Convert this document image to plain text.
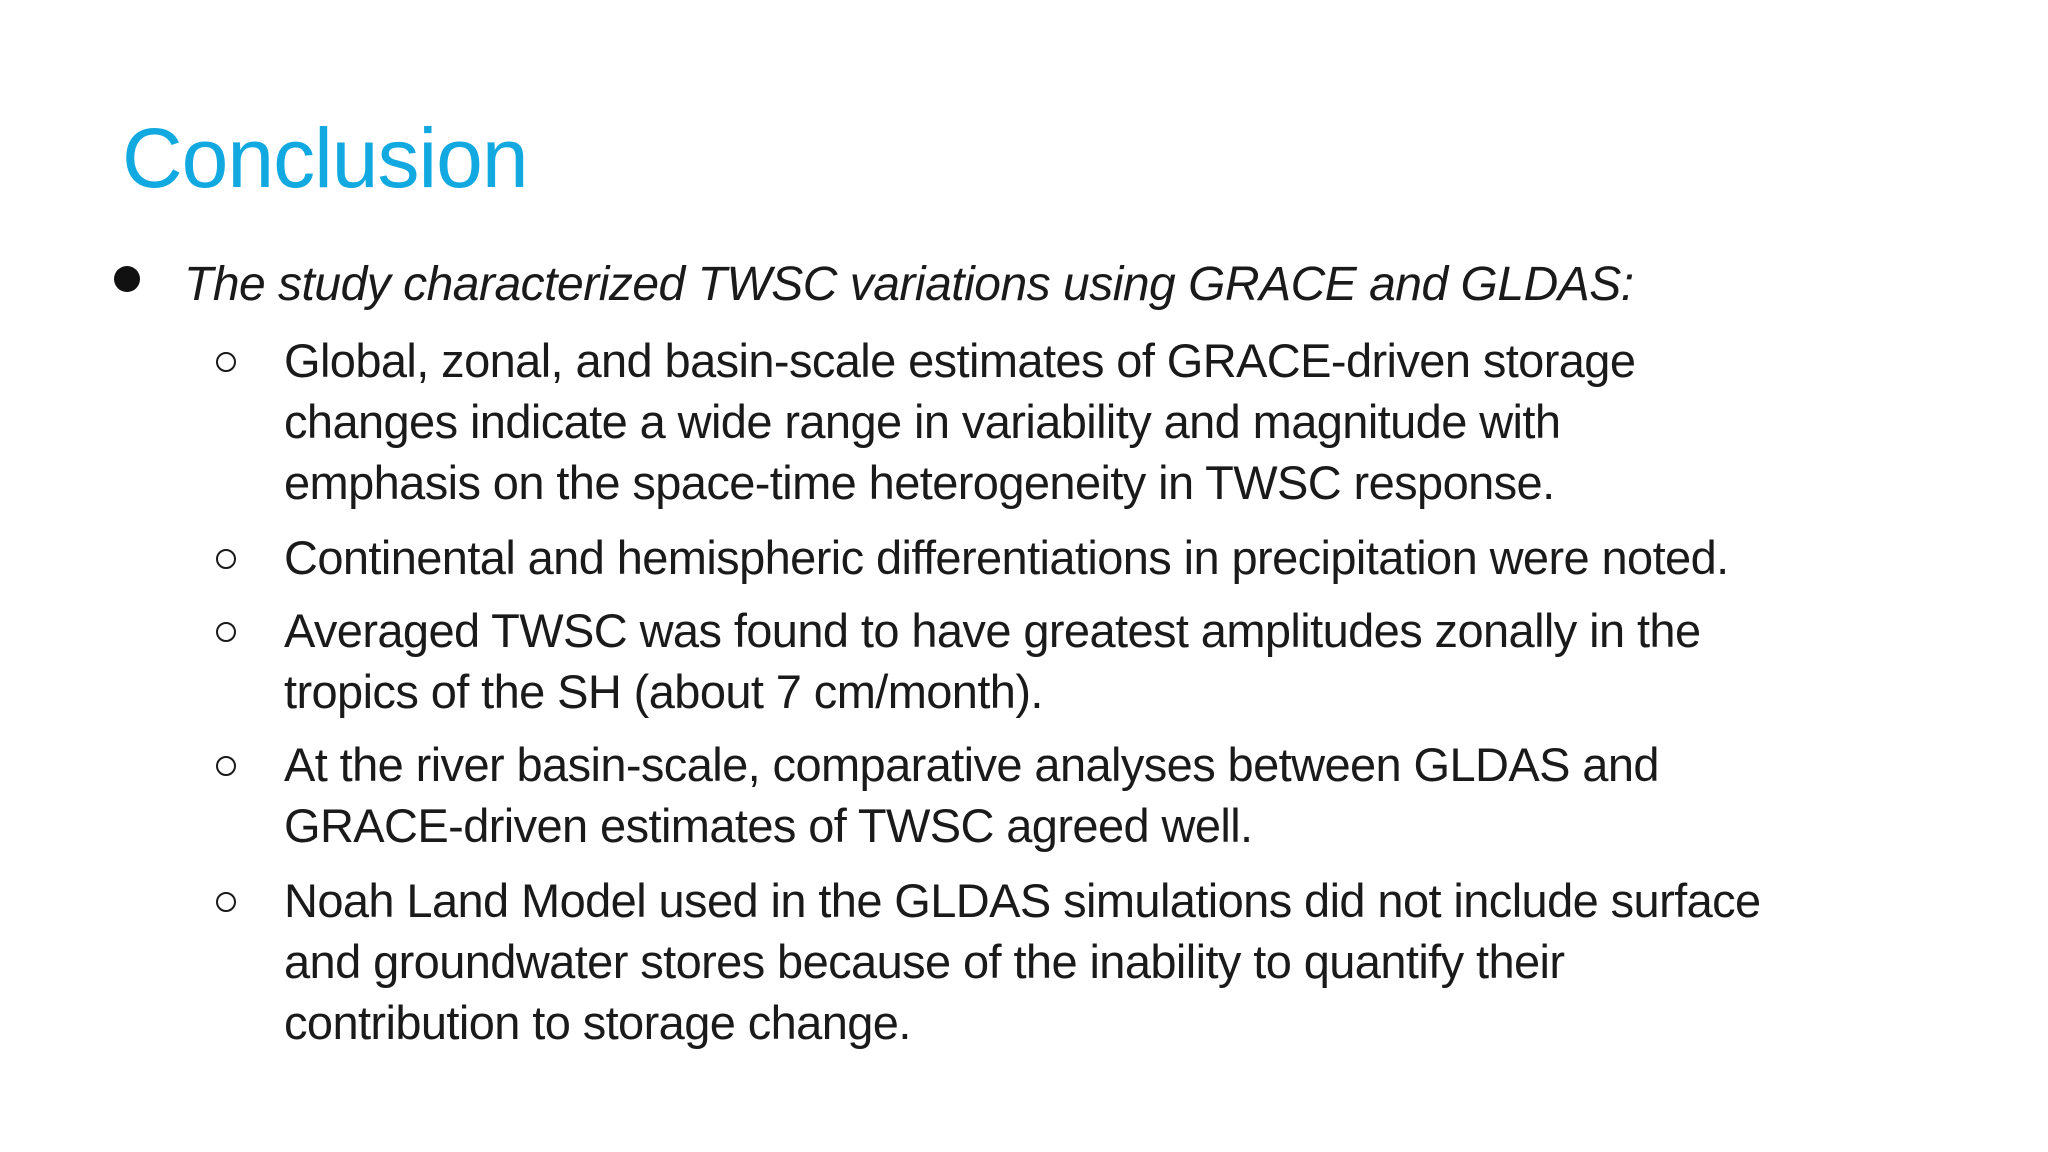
Conclusion
The study characterized TWSC variations using GRACE and GLDAS:
Global, zonal, and basin-scale estimates of GRACE-driven storage
changes indicate a wide range in variability and magnitude with
emphasis on the space-time heterogeneity in TWSC response.
Continental and hemispheric differentiations in precipitation were noted.
Averaged TWSC was found to have greatest amplitudes zonally in the
tropics of the SH (about 7 cm/month).
At the river basin-scale, comparative analyses between GLDAS and
GRACE-driven estimates of TWSC agreed well.
Noah Land Model used in the GLDAS simulations did not include surface
and groundwater stores because of the inability to quantify their
contribution to storage change.
